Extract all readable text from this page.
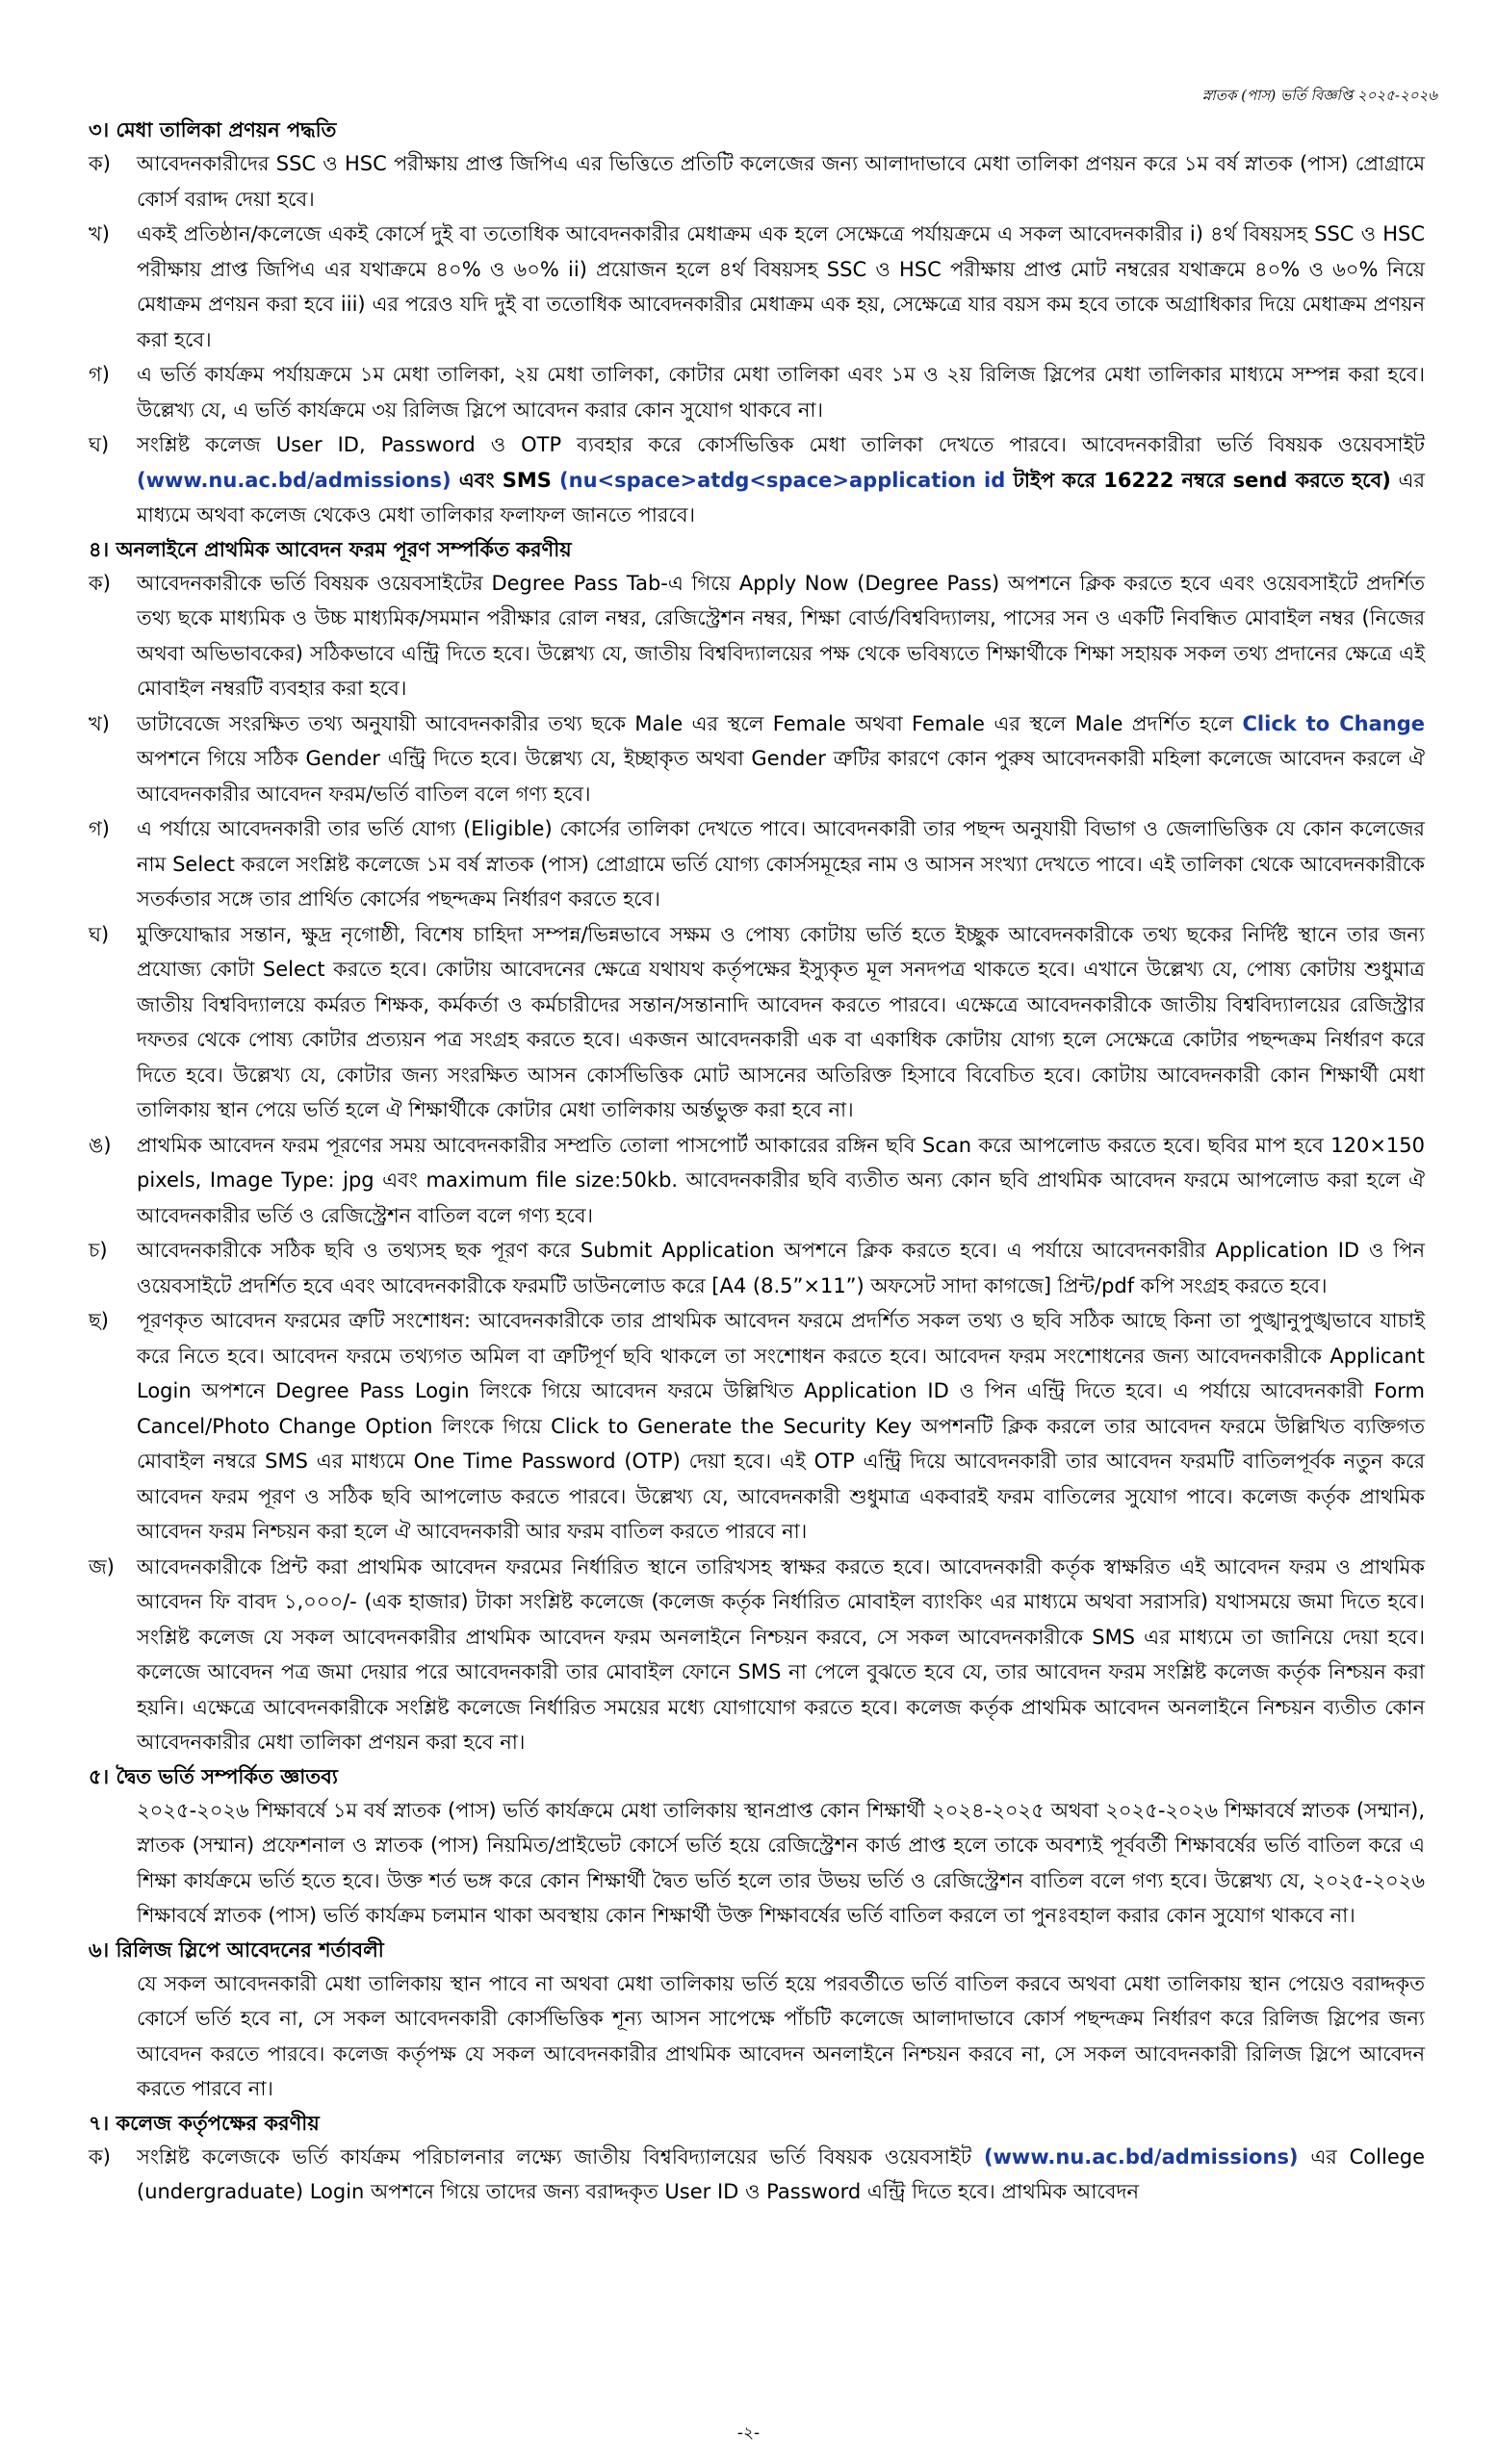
স্নাতক (পাস) ভর্তি বিজ্ঞপ্তি ২০২৫-২০২৬

৩। মেধা তালিকা প্রণয়ন পদ্ধতি

ক)	আবেদনকারীদের SSC ও HSC পরীক্ষায় প্রাপ্ত জিপিএ এর ভিত্তিতে প্রতিটি কলেজের জন্য আলাদাভাবে মেধা তালিকা প্রণয়ন করে ১ম বর্ষ স্নাতক (পাস) প্রোগ্রামে কোর্স বরাদ্দ দেয়া হবে।
খ)	একই প্রতিষ্ঠান/কলেজে একই কোর্সে দুই বা ততোধিক আবেদনকারীর মেধাক্রম এক হলে সেক্ষেত্রে পর্যায়ক্রমে এ সকল আবেদনকারীর i) ৪র্থ বিষয়সহ SSC ও HSC পরীক্ষায় প্রাপ্ত জিপিএ এর যথাক্রমে ৪০% ও ৬০% ii) প্রয়োজন হলে ৪র্থ বিষয়সহ SSC ও HSC পরীক্ষায় প্রাপ্ত মোট নম্বরের যথাক্রমে ৪০% ও ৬০% নিয়ে মেধাক্রম প্রণয়ন করা হবে iii) এর পরেও যদি দুই বা ততোধিক আবেদনকারীর মেধাক্রম এক হয়, সেক্ষেত্রে যার বয়স কম হবে তাকে অগ্রাধিকার দিয়ে মেধাক্রম প্রণয়ন করা হবে।
গ)	এ ভর্তি কার্যক্রম পর্যায়ক্রমে ১ম মেধা তালিকা, ২য় মেধা তালিকা, কোটার মেধা তালিকা এবং ১ম ও ২য় রিলিজ স্লিপের মেধা তালিকার মাধ্যমে সম্পন্ন করা হবে। উল্লেখ্য যে, এ ভর্তি কার্যক্রমে ৩য় রিলিজ স্লিপে আবেদন করার কোন সুযোগ থাকবে না।
ঘ)	সংশ্লিষ্ট কলেজ User ID, Password ও OTP ব্যবহার করে কোর্সভিত্তিক মেধা তালিকা দেখতে পারবে। আবেদনকারীরা ভর্তি বিষয়ক ওয়েবসাইট (www.nu.ac.bd/admissions) এবং SMS (nu<space>atdg<space>application id টাইপ করে 16222 নম্বরে send করতে হবে) এর মাধ্যমে অথবা কলেজ থেকেও মেধা তালিকার ফলাফল জানতে পারবে।

৪। অনলাইনে প্রাথমিক আবেদন ফরম পূরণ সম্পর্কিত করণীয়

ক)	আবেদনকারীকে ভর্তি বিষয়ক ওয়েবসাইটের Degree Pass Tab-এ গিয়ে Apply Now (Degree Pass) অপশনে ক্লিক করতে হবে এবং ওয়েবসাইটে প্রদর্শিত তথ্য ছকে মাধ্যমিক ও উচ্চ মাধ্যমিক/সমমান পরীক্ষার রোল নম্বর, রেজিস্ট্রেশন নম্বর, শিক্ষা বোর্ড/বিশ্ববিদ্যালয়, পাসের সন ও একটি নিবন্ধিত মোবাইল নম্বর (নিজের অথবা অভিভাবকের) সঠিকভাবে এন্ট্রি দিতে হবে। উল্লেখ্য যে, জাতীয় বিশ্ববিদ্যালয়ের পক্ষ থেকে ভবিষ্যতে শিক্ষার্থীকে শিক্ষা সহায়ক সকল তথ্য প্রদানের ক্ষেত্রে এই মোবাইল নম্বরটি ব্যবহার করা হবে।
খ)	ডাটাবেজে সংরক্ষিত তথ্য অনুযায়ী আবেদনকারীর তথ্য ছকে Male এর স্থলে Female অথবা Female এর স্থলে Male প্রদর্শিত হলে Click to Change অপশনে গিয়ে সঠিক Gender এন্ট্রি দিতে হবে। উল্লেখ্য যে, ইচ্ছাকৃত অথবা Gender ত্রুটির কারণে কোন পুরুষ আবেদনকারী মহিলা কলেজে আবেদন করলে ঐ আবেদনকারীর আবেদন ফরম/ভর্তি বাতিল বলে গণ্য হবে।
গ)	এ পর্যায়ে আবেদনকারী তার ভর্তি যোগ্য (Eligible) কোর্সের তালিকা দেখতে পাবে। আবেদনকারী তার পছন্দ অনুযায়ী বিভাগ ও জেলাভিত্তিক যে কোন কলেজের নাম Select করলে সংশ্লিষ্ট কলেজে ১ম বর্ষ স্নাতক (পাস) প্রোগ্রামে ভর্তি যোগ্য কোর্সসমূহের নাম ও আসন সংখ্যা দেখতে পাবে। এই তালিকা থেকে আবেদনকারীকে সতর্কতার সঙ্গে তার প্রার্থিত কোর্সের পছন্দক্রম নির্ধারণ করতে হবে।
ঘ)	মুক্তিযোদ্ধার সন্তান, ক্ষুদ্র নৃগোষ্ঠী, বিশেষ চাহিদা সম্পন্ন/ভিন্নভাবে সক্ষম ও পোষ্য কোটায় ভর্তি হতে ইচ্ছুক আবেদনকারীকে তথ্য ছকের নির্দিষ্ট স্থানে তার জন্য প্রযোজ্য কোটা Select করতে হবে। কোটায় আবেদনের ক্ষেত্রে যথাযথ কর্তৃপক্ষের ইস্যুকৃত মূল সনদপত্র থাকতে হবে। এখানে উল্লেখ্য যে, পোষ্য কোটায় শুধুমাত্র জাতীয় বিশ্ববিদ্যালয়ে কর্মরত শিক্ষক, কর্মকর্তা ও কর্মচারীদের সন্তান/সন্তানাদি আবেদন করতে পারবে। এক্ষেত্রে আবেদনকারীকে জাতীয় বিশ্ববিদ্যালয়ের রেজিস্ট্রার দফতর থেকে পোষ্য কোটার প্রত্যয়ন পত্র সংগ্রহ করতে হবে। একজন আবেদনকারী এক বা একাধিক কোটায় যোগ্য হলে সেক্ষেত্রে কোটার পছন্দক্রম নির্ধারণ করে দিতে হবে। উল্লেখ্য যে, কোটার জন্য সংরক্ষিত আসন কোর্সভিত্তিক মোট আসনের অতিরিক্ত হিসাবে বিবেচিত হবে। কোটায় আবেদনকারী কোন শিক্ষার্থী মেধা তালিকায় স্থান পেয়ে ভর্তি হলে ঐ শিক্ষার্থীকে কোটার মেধা তালিকায় অর্ন্তভুক্ত করা হবে না।
ঙ)	প্রাথমিক আবেদন ফরম পূরণের সময় আবেদনকারীর সম্প্রতি তোলা পাসপোর্ট আকারের রঙ্গিন ছবি Scan করে আপলোড করতে হবে। ছবির মাপ হবে 120×150 pixels, Image Type: jpg এবং maximum file size:50kb. আবেদনকারীর ছবি ব্যতীত অন্য কোন ছবি প্রাথমিক আবেদন ফরমে আপলোড করা হলে ঐ আবেদনকারীর ভর্তি ও রেজিস্ট্রেশন বাতিল বলে গণ্য হবে।
চ)	আবেদনকারীকে সঠিক ছবি ও তথ্যসহ ছক পূরণ করে Submit Application অপশনে ক্লিক করতে হবে। এ পর্যায়ে আবেদনকারীর Application ID ও পিন ওয়েবসাইটে প্রদর্শিত হবে এবং আবেদনকারীকে ফরমটি ডাউনলোড করে [A4 (8.5”×11”) অফসেট সাদা কাগজে] প্রিন্ট/pdf কপি সংগ্রহ করতে হবে।
ছ)	পূরণকৃত আবেদন ফরমের ত্রুটি সংশোধন: আবেদনকারীকে তার প্রাথমিক আবেদন ফরমে প্রদর্শিত সকল তথ্য ও ছবি সঠিক আছে কিনা তা পুঙ্খানুপুঙ্খভাবে যাচাই করে নিতে হবে। আবেদন ফরমে তথ্যগত অমিল বা ত্রুটিপূর্ণ ছবি থাকলে তা সংশোধন করতে হবে। আবেদন ফরম সংশোধনের জন্য আবেদনকারীকে Applicant Login অপশনে Degree Pass Login লিংকে গিয়ে আবেদন ফরমে উল্লিখিত Application ID ও পিন এন্ট্রি দিতে হবে। এ পর্যায়ে আবেদনকারী Form Cancel/Photo Change Option লিংকে গিয়ে Click to Generate the Security Key অপশনটি ক্লিক করলে তার আবেদন ফরমে উল্লিখিত ব্যক্তিগত মোবাইল নম্বরে SMS এর মাধ্যমে One Time Password (OTP) দেয়া হবে। এই OTP এন্ট্রি দিয়ে আবেদনকারী তার আবেদন ফরমটি বাতিলপূর্বক নতুন করে আবেদন ফরম পূরণ ও সঠিক ছবি আপলোড করতে পারবে। উল্লেখ্য যে, আবেদনকারী শুধুমাত্র একবারই ফরম বাতিলের সুযোগ পাবে। কলেজ কর্তৃক প্রাথমিক আবেদন ফরম নিশ্চয়ন করা হলে ঐ আবেদনকারী আর ফরম বাতিল করতে পারবে না।
জ)	আবেদনকারীকে প্রিন্ট করা প্রাথমিক আবেদন ফরমের নির্ধারিত স্থানে তারিখসহ স্বাক্ষর করতে হবে। আবেদনকারী কর্তৃক স্বাক্ষরিত এই আবেদন ফরম ও প্রাথমিক আবেদন ফি বাবদ ১,০০০/- (এক হাজার) টাকা সংশ্লিষ্ট কলেজে (কলেজ কর্তৃক নির্ধারিত মোবাইল ব্যাংকিং এর মাধ্যমে অথবা সরাসরি) যথাসময়ে জমা দিতে হবে। সংশ্লিষ্ট কলেজ যে সকল আবেদনকারীর প্রাথমিক আবেদন ফরম অনলাইনে নিশ্চয়ন করবে, সে সকল আবেদনকারীকে SMS এর মাধ্যমে তা জানিয়ে দেয়া হবে। কলেজে আবেদন পত্র জমা দেয়ার পরে আবেদনকারী তার মোবাইল ফোনে SMS না পেলে বুঝতে হবে যে, তার আবেদন ফরম সংশ্লিষ্ট কলেজ কর্তৃক নিশ্চয়ন করা হয়নি। এক্ষেত্রে আবেদনকারীকে সংশ্লিষ্ট কলেজে নির্ধারিত সময়ের মধ্যে যোগাযোগ করতে হবে। কলেজ কর্তৃক প্রাথমিক আবেদন অনলাইনে নিশ্চয়ন ব্যতীত কোন আবেদনকারীর মেধা তালিকা প্রণয়ন করা হবে না।

৫। দ্বৈত ভর্তি সম্পর্কিত জ্ঞাতব্য

২০২৫-২০২৬ শিক্ষাবর্ষে ১ম বর্ষ স্নাতক (পাস) ভর্তি কার্যক্রমে মেধা তালিকায় স্থানপ্রাপ্ত কোন শিক্ষার্থী ২০২৪-২০২৫ অথবা ২০২৫-২০২৬ শিক্ষাবর্ষে স্নাতক (সম্মান), স্নাতক (সম্মান) প্রফেশনাল ও স্নাতক (পাস) নিয়মিত/প্রাইভেট কোর্সে ভর্তি হয়ে রেজিস্ট্রেশন কার্ড প্রাপ্ত হলে তাকে অবশ্যই পূর্ববর্তী শিক্ষাবর্ষের ভর্তি বাতিল করে এ শিক্ষা কার্যক্রমে ভর্তি হতে হবে। উক্ত শর্ত ভঙ্গ করে কোন শিক্ষার্থী দ্বৈত ভর্তি হলে তার উভয় ভর্তি ও রেজিস্ট্রেশন বাতিল বলে গণ্য হবে। উল্লেখ্য যে, ২০২৫-২০২৬ শিক্ষাবর্ষে স্নাতক (পাস) ভর্তি কার্যক্রম চলমান থাকা অবস্থায় কোন শিক্ষার্থী উক্ত শিক্ষাবর্ষের ভর্তি বাতিল করলে তা পুনঃবহাল করার কোন সুযোগ থাকবে না।

৬। রিলিজ স্লিপে আবেদনের শর্তাবলী

যে সকল আবেদনকারী মেধা তালিকায় স্থান পাবে না অথবা মেধা তালিকায় ভর্তি হয়ে পরবর্তীতে ভর্তি বাতিল করবে অথবা মেধা তালিকায় স্থান পেয়েও বরাদ্দকৃত কোর্সে ভর্তি হবে না, সে সকল আবেদনকারী কোর্সভিত্তিক শূন্য আসন সাপেক্ষে পাঁচটি কলেজে আলাদাভাবে কোর্স পছন্দক্রম নির্ধারণ করে রিলিজ স্লিপের জন্য আবেদন করতে পারবে। কলেজ কর্তৃপক্ষ যে সকল আবেদনকারীর প্রাথমিক আবেদন অনলাইনে নিশ্চয়ন করবে না, সে সকল আবেদনকারী রিলিজ স্লিপে আবেদন করতে পারবে না।

৭। কলেজ কর্তৃপক্ষের করণীয়

ক)	সংশ্লিষ্ট কলেজকে ভর্তি কার্যক্রম পরিচালনার লক্ষ্যে জাতীয় বিশ্ববিদ্যালয়ের ভর্তি বিষয়ক ওয়েবসাইট (www.nu.ac.bd/admissions) এর College (undergraduate) Login অপশনে গিয়ে তাদের জন্য বরাদ্দকৃত User ID ও Password এন্ট্রি দিতে হবে। প্রাথমিক আবেদন
-২-
